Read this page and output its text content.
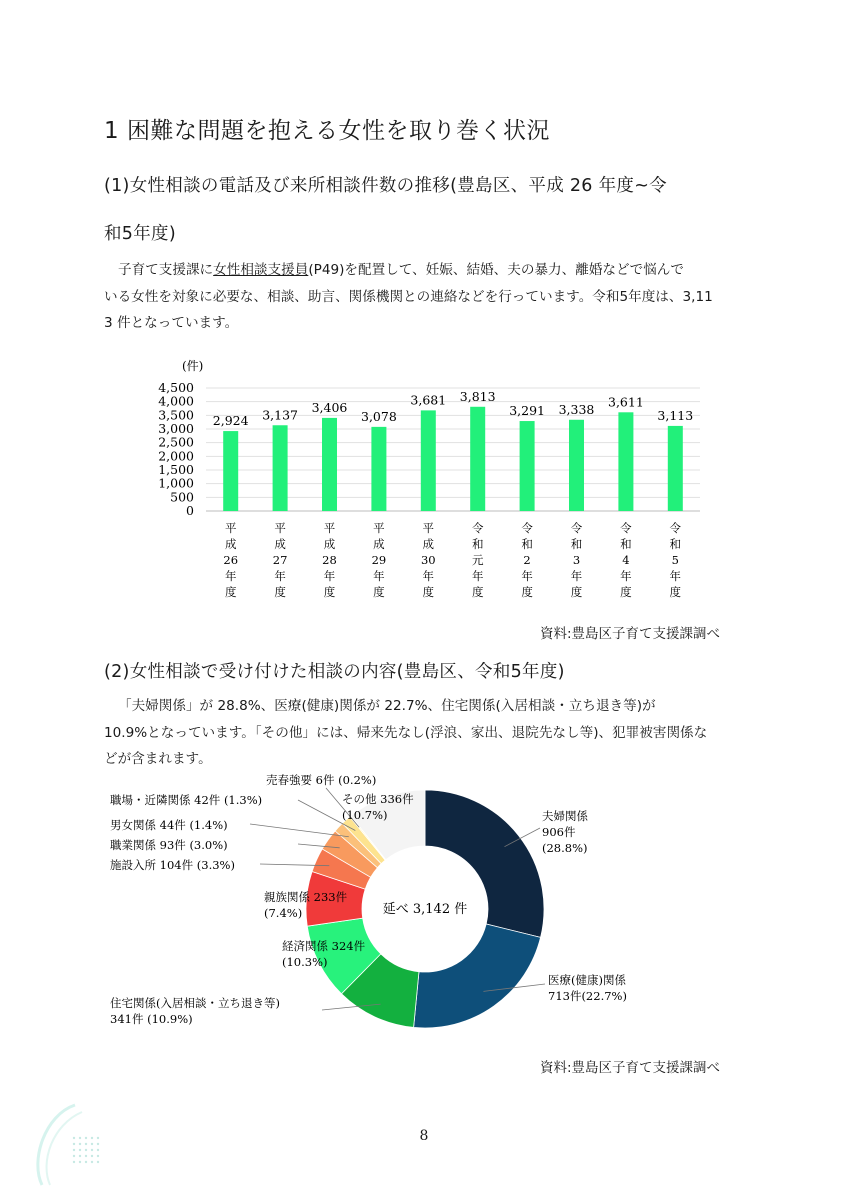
1 困難な問題を抱える女性を取り巻く状況
(1)女性相談の電話及び来所相談件数の推移(豊島区、平成 26 年度~令
和5年度)
子育て支援課に女性相談支援員(P49)を配置して、妊娠、結婚、夫の暴力、離婚などで悩んで
いる女性を対象に必要な、相談、助言、関係機関との連絡などを行っています。令和5年度は、3,11
3 件となっています。
(件)
4,500
4,000
3,500
3,000
2,500
2,000
1,500
1,000
500
0
2,924 3,137 3,406
3,078
3,681 3,813
3,291 3,338 3,611
3,113
平成 26 年度
平成 27 年度
平成 28 年度
平成 29 年度
平成 30 年度
令和元年度
令和 2 年度
令和 3 年度
令和 4 年度
令和 5 年度
資料:豊島区子育て支援課調べ
(2)女性相談で受け付けた相談の内容(豊島区、令和5年度)
「夫婦関係」が 28.8%、医療(健康)関係が 22.7%、住宅関係(入居相談・立ち退き等)が
10.9%となっています。「その他」には、帰来先なし(浮浪、家出、退院先なし等)、犯罪被害関係な
どが含まれます。
夫婦関係 906件(28.8%)
医療(健康)関係 713件(22.7%)
住宅関係(入居相談・立ち退き等) 341件 (10.9%)
経済関係 324件(10.3%)
親族関係 233件(7.4%)
施設入所 104件 (3.3%)
職業関係 93件 (3.0%)
男女関係 44件 (1.4%)
職場・近隣関係 42件 (1.3%)
売春強要 6件 (0.2%)
その他 336件(10.7%)
延べ 3,142 件
資料:豊島区子育て支援課調べ
8
